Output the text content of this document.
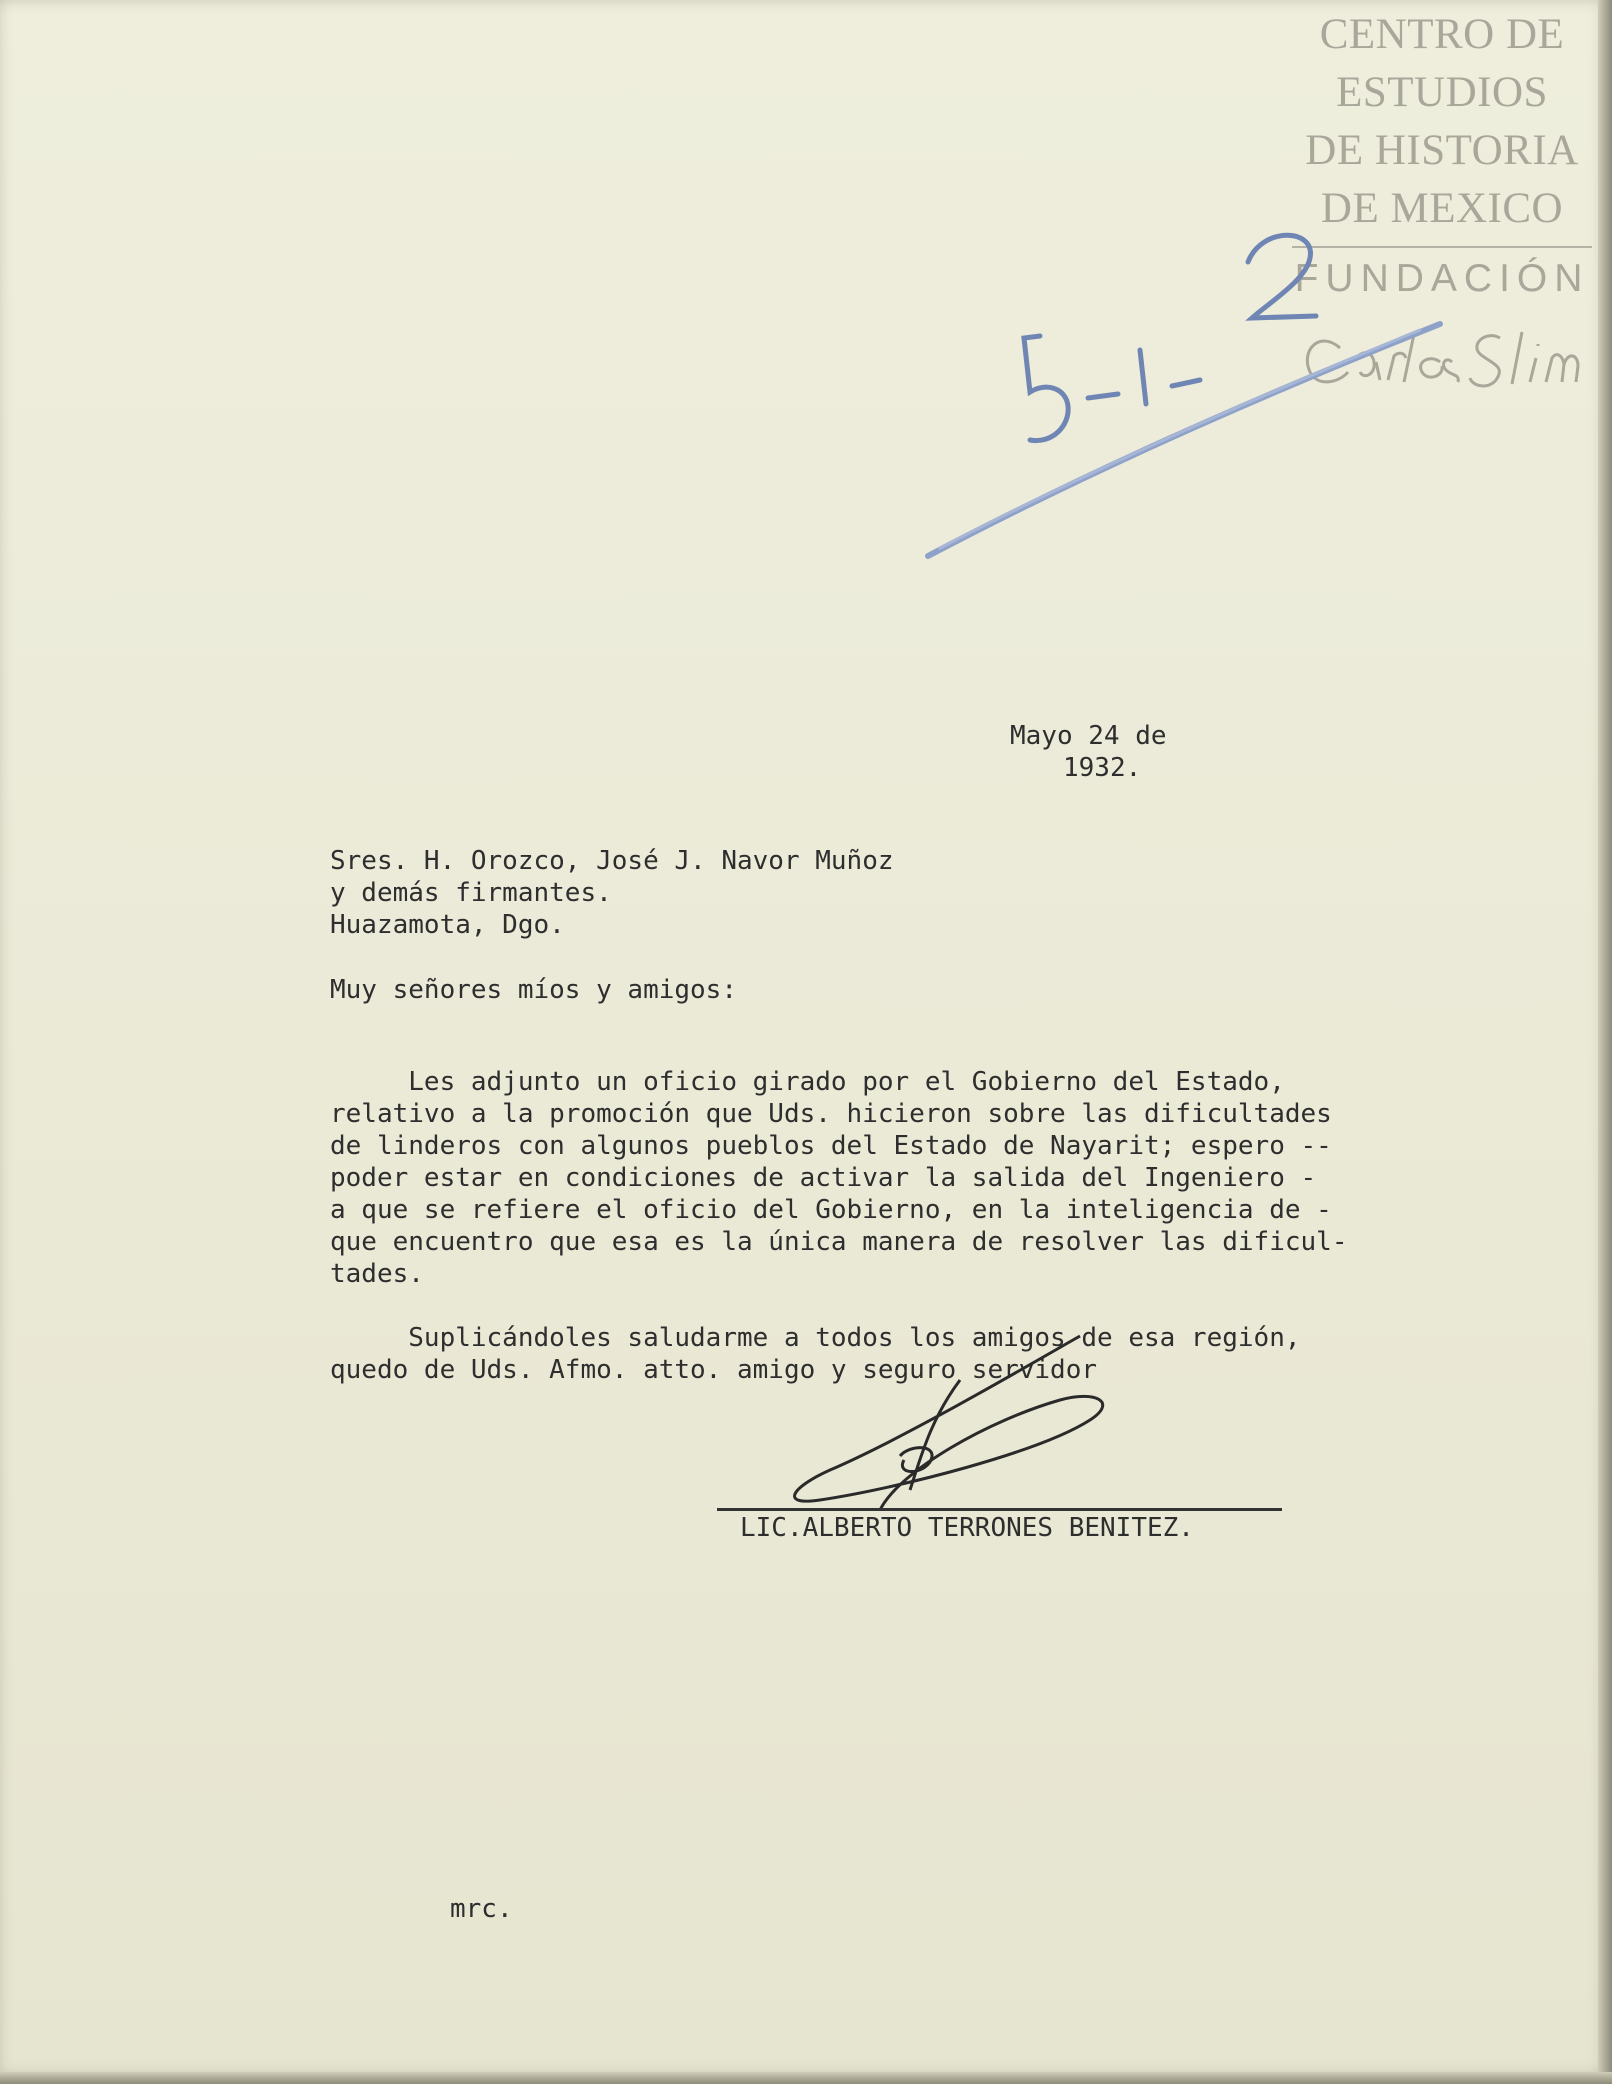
CENTRO DE
ESTUDIOS
DE HISTORIA
DE MEXICO
FUNDACIÓN
Mayo 24 de
1932.
Sres. H. Orozco, José J. Navor Muñoz
y demás firmantes.
Huazamota, Dgo.
Muy señores míos y amigos:
Les adjunto un oficio girado por el Gobierno del Estado,
relativo a la promoción que Uds. hicieron sobre las dificultades
de linderos con algunos pueblos del Estado de Nayarit; espero --
poder estar en condiciones de activar la salida del Ingeniero -
a que se refiere el oficio del Gobierno, en la inteligencia de -
que encuentro que esa es la única manera de resolver las dificul-
tades.
Suplicándoles saludarme a todos los amigos de esa región,
quedo de Uds. Afmo. atto. amigo y seguro servidor
LIC.ALBERTO TERRONES BENITEZ.
mrc.
